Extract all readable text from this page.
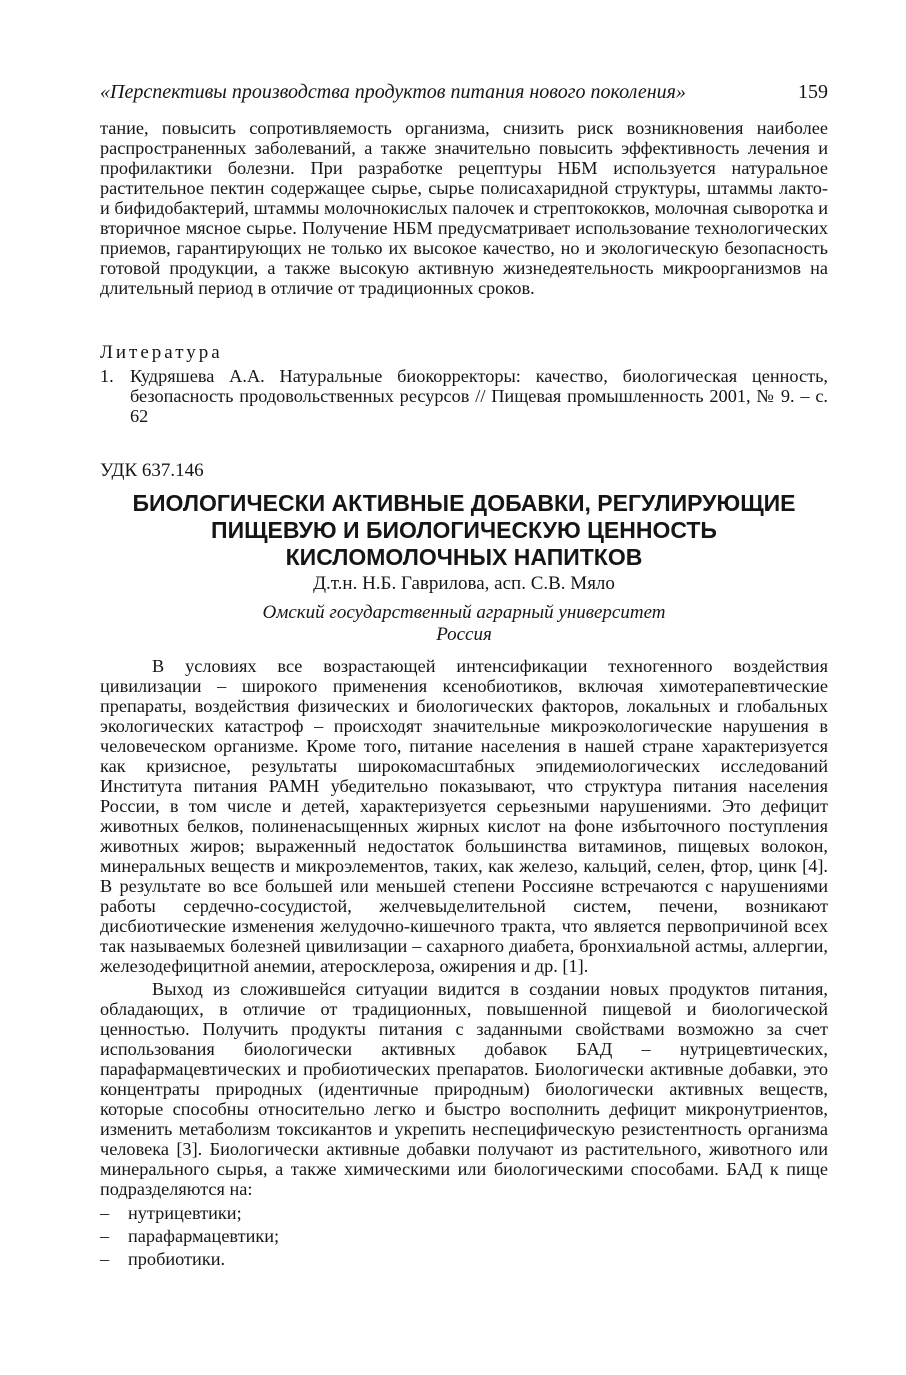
«Перспективы производства продуктов питания нового поколения»	159

тание, повысить сопротивляемость организма, снизить риск возникновения наиболее распространенных заболеваний, а также значительно повысить эффективность лечения и профилактики болезни. При разработке рецептуры НБМ используется натуральное растительное пектин содержащее сырье, сырье полисахаридной структуры, штаммы лакто- и бифидобактерий, штаммы молочнокислых палочек и стрептококков, молочная сыворотка и вторичное мясное сырье. Получение НБМ предусматривает использование технологических приемов, гарантирующих не только их высокое качество, но и экологическую безопасность готовой продукции, а также высокую активную жизнедеятельность микроорганизмов на длительный период в отличие от традиционных сроков.

Литература
1. Кудряшева А.А. Натуральные биокорректоры: качество, биологическая ценность, безопасность продовольственных ресурсов // Пищевая промышленность 2001, № 9. – с. 62
УДК 637.146
БИОЛОГИЧЕСКИ АКТИВНЫЕ ДОБАВКИ, РЕГУЛИРУЮЩИЕ ПИЩЕВУЮ И БИОЛОГИЧЕСКУЮ ЦЕННОСТЬ КИСЛОМОЛОЧНЫХ НАПИТКОВ
Д.т.н. Н.Б. Гаврилова, асп. С.В. Мяло
Омский государственный аграрный университет
Россия

В условиях все возрастающей интенсификации техногенного воздействия цивилизации – широкого применения ксенобиотиков, включая химотерапевтические препараты, воздействия физических и биологических факторов, локальных и глобальных экологических катастроф – происходят значительные микроэкологические нарушения в человеческом организме. Кроме того, питание населения в нашей стране характеризуется как кризисное, результаты широкомасштабных эпидемиологических исследований Института питания РАМН убедительно показывают, что структура питания населения России, в том числе и детей, характеризуется серьезными нарушениями. Это дефицит животных белков, полиненасыщенных жирных кислот на фоне избыточного поступления животных жиров; выраженный недостаток большинства витаминов, пищевых волокон, минеральных веществ и микроэлементов, таких, как железо, кальций, селен, фтор, цинк [4]. В результате во все большей или меньшей степени Россияне встречаются с нарушениями работы сердечно-сосудистой, желчевыделительной систем, печени, возникают дисбиотические изменения желудочно-кишечного тракта, что является первопричиной всех так называемых болезней цивилизации – сахарного диабета, бронхиальной астмы, аллергии, железодефицитной анемии, атеросклероза, ожирения и др. [1].

Выход из сложившейся ситуации видится в создании новых продуктов питания, обладающих, в отличие от традиционных, повышенной пищевой и биологической ценностью. Получить продукты питания с заданными свойствами возможно за счет использования биологически активных добавок БАД – нутрицевтических, парафармацевтических и пробиотических препаратов. Биологически активные добавки, это концентраты природных (идентичные природным) биологически активных веществ, которые способны относительно легко и быстро восполнить дефицит микронутриентов, изменить метаболизм токсикантов и укрепить неспецифическую резистентность организма человека [3]. Биологически активные добавки получают из растительного, животного или минерального сырья, а также химическими или биологическими способами. БАД к пище подразделяются на:

– нутрицевтики;
– парафармацевтики;
– пробиотики.
